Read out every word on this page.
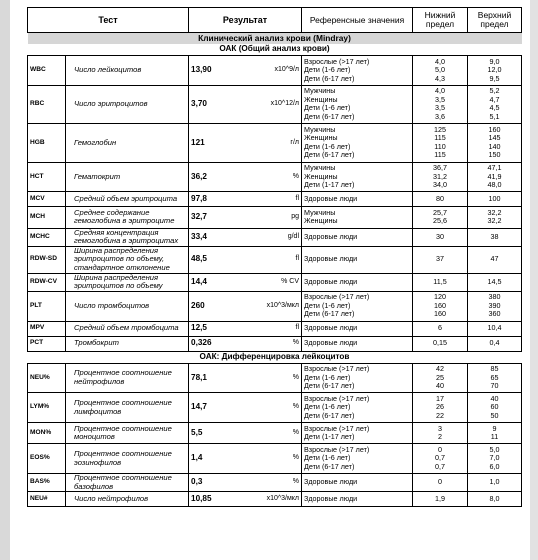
Тест		Результат	Референсные значения	Нижний предел	Верхний предел
Клинический анализ крови (Mindray)					
ОАК (Общий анализ крови)					
WBC	Число лейкоцитов	13,90 x10^9/л	Взрослые (>17 лет)
Дети (1-6 лет)
Дети (6-17 лет)	4,0
5,0
4,3	9,0
12,0
9,5

RBC	Число эритроцитов	3,70 x10^12/л	Мужчины
Женщины
Дети (1-6 лет)
Дети (6-17 лет)	4,0
3,5
3,5
3,6	5,2
4,7
4,5
5,1

HGB	Гемоглобин	121 г/л	Мужчины
Женщины
Дети (1-6 лет)
Дети (6-17 лет)	125
115
110
115	160
145
140
150

HCT	Гематокрит	36,2 %	Мужчины
Женщины
Дети (1-17 лет)	36,7
31,2
34,0	47,1
41,9
48,0

MCV	Средний объем эритроцита	97,8 fl	Здоровые люди	80	100

MCH	Среднее содержание гемоглобина в эритроците	32,7 pg	Мужчины
Женщины	25,7
25,6	32,2
32,2

MCHC	Средняя концентрация гемоглобина в эритроцитах	33,4 g/dl	Здоровые люди	30	38

RDW-SD	Ширина распределения эритроцитов по объему, стандартное отклонение	48,5 fl	Здоровые люди	37	47

RDW-CV	Ширина распределения эритроцитов по объему	14,4 % CV	Здоровые люди	11,5	14,5

PLT	Число тромбоцитов	260 x10^3/мкл	Взрослые (>17 лет)
Дети (1-6 лет)
Дети (6-17 лет)	120
160
160	380
390
360

MPV	Средний объем тромбоцита	12,5 fl	Здоровые люди	6	10,4

PCT	Тромбокрит	0,326 %	Здоровые люди	0,15	0,4

ОАК: Дифференцировка лейкоцитов					
NEU%	Процентное соотношение нейтрофилов	78,1 %	Взрослые (>17 лет)
Дети (1-6 лет)
Дети (6-17 лет)	42
25
40	85
65
70

LYM%	Процентное соотношение лимфоцитов	14,7 %	Взрослые (>17 лет)
Дети (1-6 лет)
Дети (6-17 лет)	17
26
22	40
60
50

MON%	Процентное соотношение моноцитов	5,5 %	Взрослые (>17 лет)
Дети (1-17 лет)	3
2	9
11

EOS%	Процентное соотношение эозинофилов	1,4 %	Взрослые (>17 лет)
Дети (1-6 лет)
Дети (6-17 лет)	0
0,7
0,7	5,0
7,0
6,0

BAS%	Процентное соотношение базофилов	0,3 %	Здоровые люди	0	1,0

NEU#	Число нейтрофилов	10,85 x10^3/мкл	Здоровые люди	1,9	8,0
